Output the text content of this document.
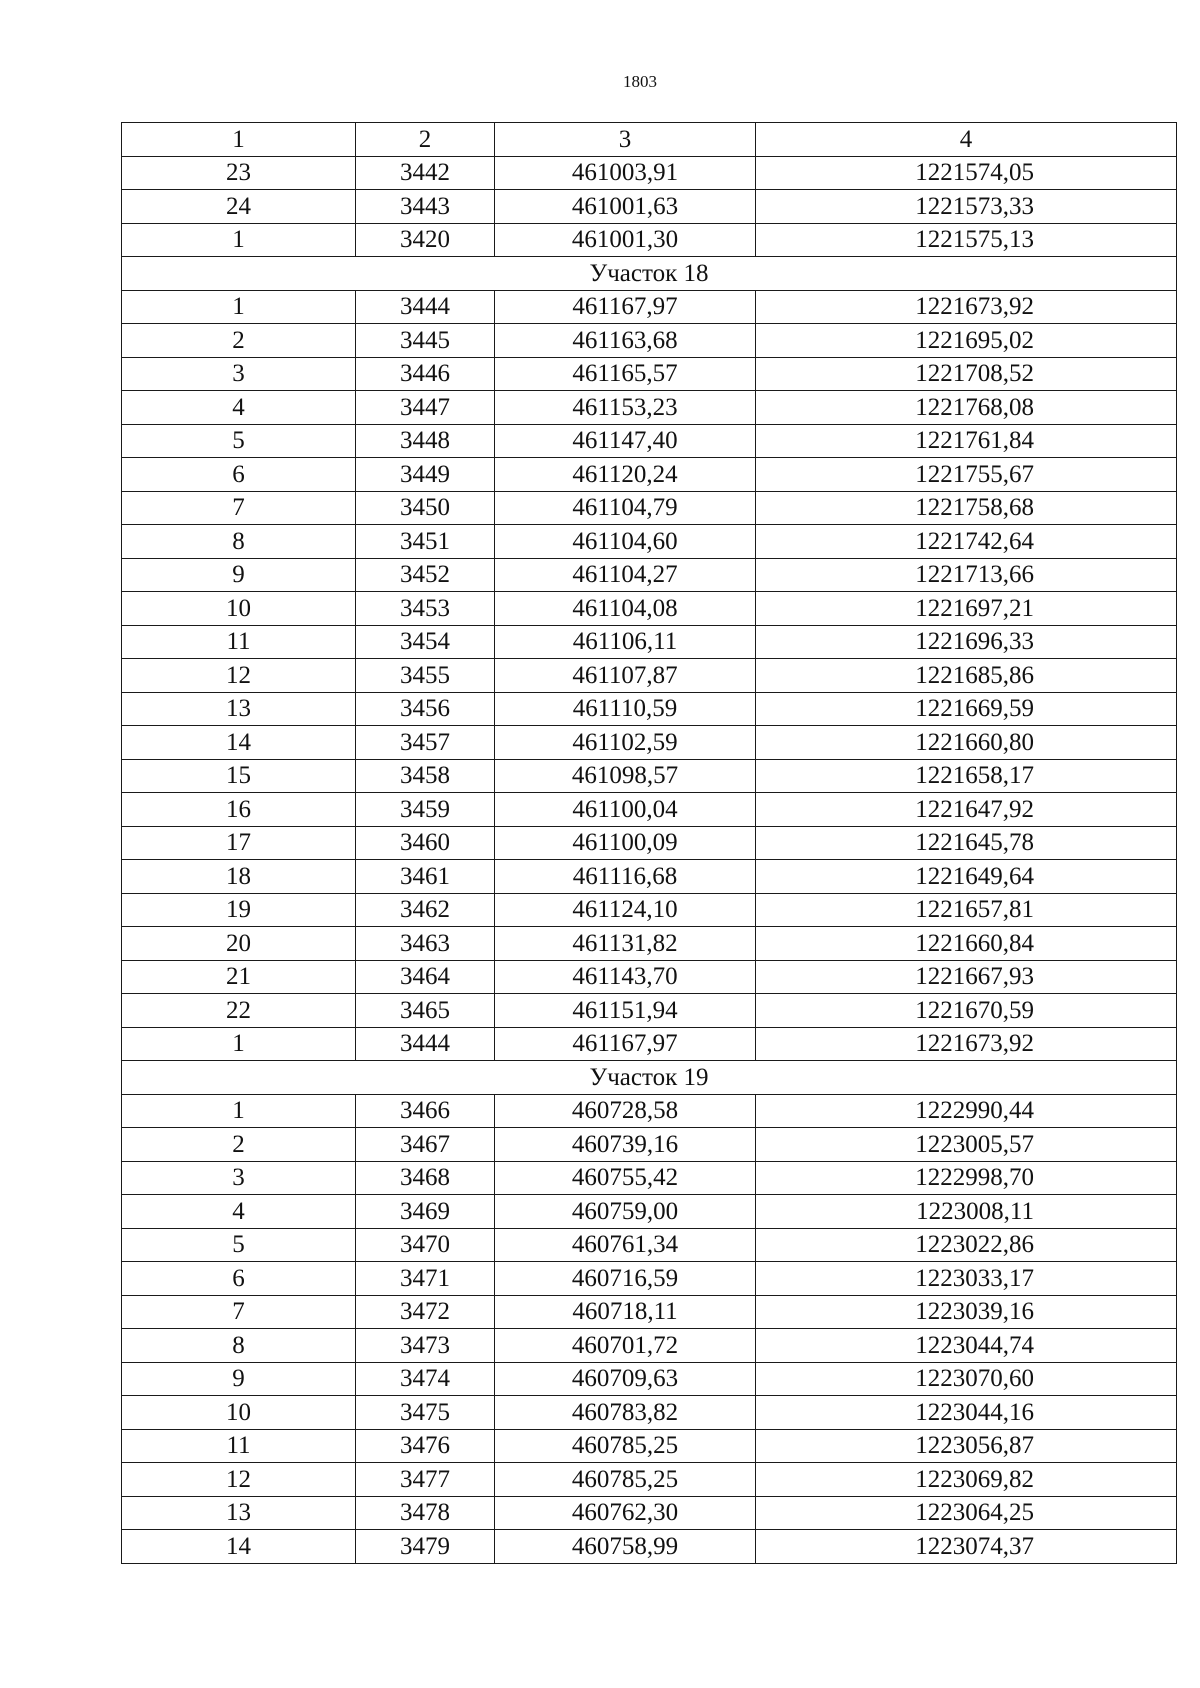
1803
1	2	3	4
23	3442	461003,91	1221574,05
24	3443	461001,63	1221573,33
1	3420	461001,30	1221575,13
Участок 18			
1	3444	461167,97	1221673,92
2	3445	461163,68	1221695,02
3	3446	461165,57	1221708,52
4	3447	461153,23	1221768,08
5	3448	461147,40	1221761,84
6	3449	461120,24	1221755,67
7	3450	461104,79	1221758,68
8	3451	461104,60	1221742,64
9	3452	461104,27	1221713,66
10	3453	461104,08	1221697,21
11	3454	461106,11	1221696,33
12	3455	461107,87	1221685,86
13	3456	461110,59	1221669,59
14	3457	461102,59	1221660,80
15	3458	461098,57	1221658,17
16	3459	461100,04	1221647,92
17	3460	461100,09	1221645,78
18	3461	461116,68	1221649,64
19	3462	461124,10	1221657,81
20	3463	461131,82	1221660,84
21	3464	461143,70	1221667,93
22	3465	461151,94	1221670,59
1	3444	461167,97	1221673,92
Участок 19			
1	3466	460728,58	1222990,44
2	3467	460739,16	1223005,57
3	3468	460755,42	1222998,70
4	3469	460759,00	1223008,11
5	3470	460761,34	1223022,86
6	3471	460716,59	1223033,17
7	3472	460718,11	1223039,16
8	3473	460701,72	1223044,74
9	3474	460709,63	1223070,60
10	3475	460783,82	1223044,16
11	3476	460785,25	1223056,87
12	3477	460785,25	1223069,82
13	3478	460762,30	1223064,25
14	3479	460758,99	1223074,37
